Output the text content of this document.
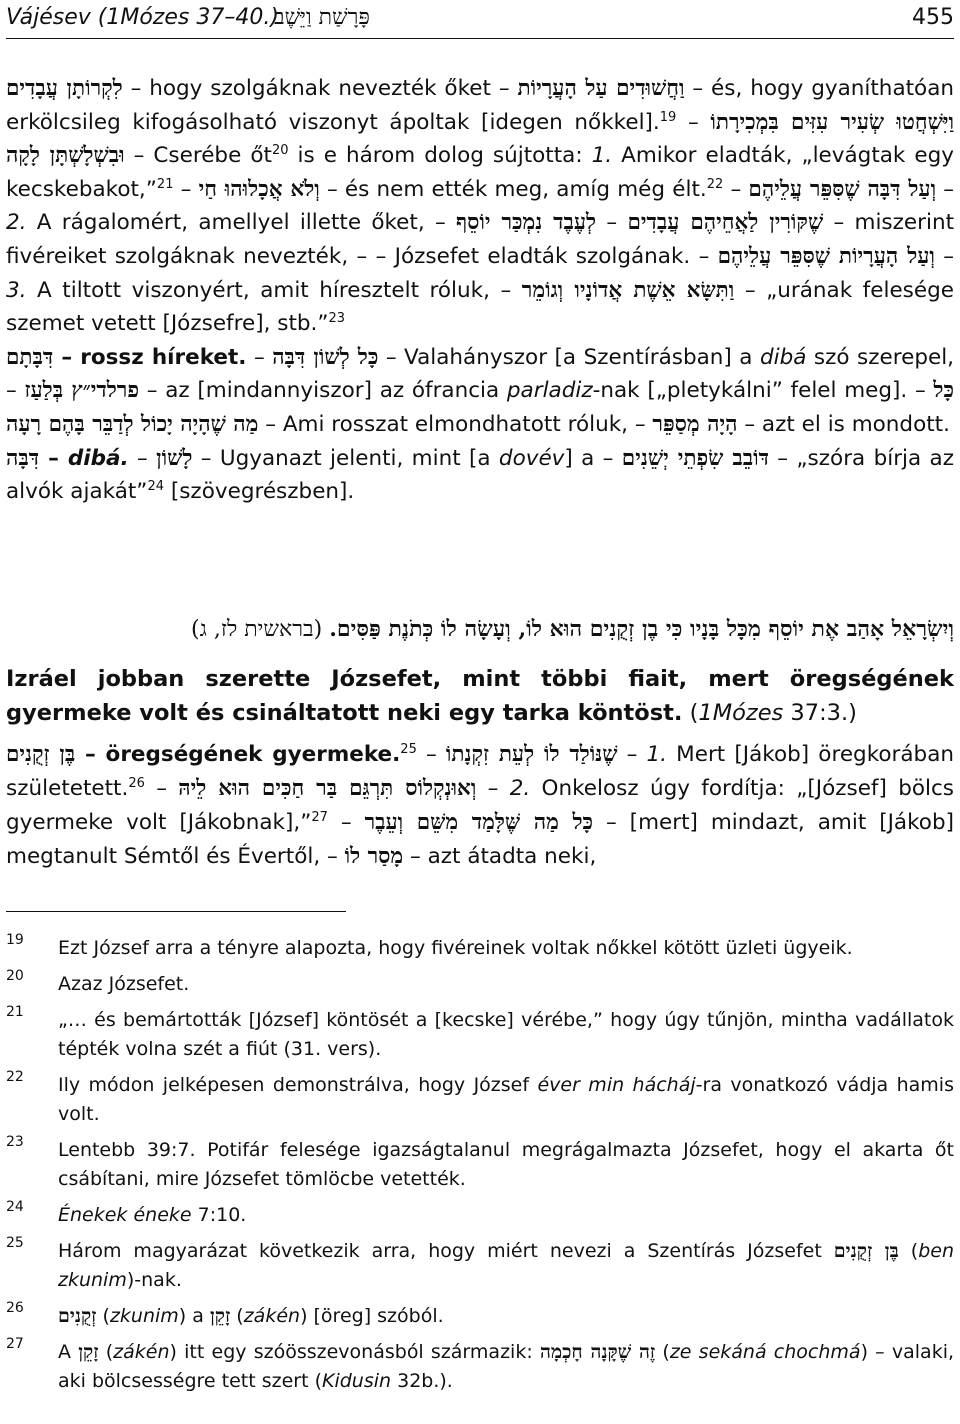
Vájésev (1Mózes 37–40.)
פָּרָשַׁת וַיֵּשֶׁב	455

לִקְרוֹתָן עֲבָדִים – hogy szolgáknak nevezték őket – וַחֲשׁוּדִים עַל הָעֲרָיוֹת – és, hogy gyaníthatóan erkölcsileg kifogásolható viszonyt ápoltak [idegen nőkkel].$^{19}$ – וַיִּשְׁחֲטוּ שְׂעִיר עִזִּים בִּמְכִירָתוֹ וּבִשְׁלָשְׁתָּן לָקָה – Cserébe $őt^{20}$ is e három dolog sújtotta: 1. Amikor eladták, „levágtak egy kecskebakot,”$^{21}$ – וְלֹא אֲכָלוּהוּ חַי – és nem ették meg, amíg még élt.$^{22}$ – וְעַל דִּבָּה שֶׁסִּפֵּר עֲלֵיהֶם – 2. A rágalomért, amellyel illette őket, – לְעֶבֶד נִמְכַּר יוֹסֵף – שֶׁקּוֹרִין לַאֲחֵיהֶם עֲבָדִים – miszerint fivéreiket szolgáknak nevezték, – – Józsefet eladták szolgának. – וְעַל הָעֲרָיוֹת שֶׁסִּפֵּר עֲלֵיהֶם – 3. A tiltott viszonyért, amit híresztelt róluk, – וַתִּשָּׂא אֵשֶׁת אֲדוֹנָיו וְגוֹמֵר – „urának felesége szemet vetett [Józsefre], stb.”$^{23}$

דִּבָּתָם – rossz híreket. – כָּל לְשׁוֹן דִּבָּה – Valahányszor [a Szentírásban] a dibá szó szerepel, – פרלדי״ץ בְּלַעַז – az [mindannyiszor] az ófrancia parladiz-nak [„pletykálni” felel meg]. – כָּל מַה שֶׁהָיָה יָכוֹל לְדַבֵּר בָּהֶם רָעָה – Ami rosszat elmondhatott róluk, – הָיָה מְסַפֵּר – azt el is mondott.

דִּבָּה – dibá. – לָשׁוֹן – Ugyanazt jelenti, mint [a dovév] a – דּוֹבֵב שִׂפְתֵי יְשֵׁנִים – „szóra bírja az alvók ajakát”$^{24}$ [szövegrészben].

וְיִשְׂרָאֵל אָהַב אֶת יוֹסֵף מִכָּל בָּנָיו כִּי בֶן זְקֻנִים הוּא לוֹ, וְעָשָׂה לוֹ כְּתֹנֶת פַּסִּים. (בראשית לז, ג)
Izráel jobban szerette Józsefet, mint többi fiait, mert öregségének gyermeke volt és csináltatott neki egy tarka köntöst. (1Mózes 37:3.)
בֶּן זְקֻנִים – öregségének gyermeke.$^{25}$ – שֶׁנּוֹלַד לוֹ לְעֵת זִקְנָתוֹ – 1. Mert [Jákob] öregkorában születetett.$^{26}$ – וְאוּנְקְלוֹס תִּרְגֵּם בַּר חַכִּים הוּא לֵיהּ – 2. Onkelosz úgy fordítja: „[József] bölcs gyermeke volt [Jákobnak],”$^{27}$ – כָּל מַה שֶּׁלָּמַד מִשֵּׁם וְעֵבֶר – [mert] mindazt, amit [Jákob] megtanult Sémtől és Évertől, – מָסַר לוֹ – azt átadta neki,
19 Ezt József arra a tényre alapozta, hogy fivéreinek voltak nőkkel kötött üzleti ügyeik.
20 Azaz Józsefet.
21 „… és bemártották [József] köntösét a [kecske] vérébe,” hogy úgy tűnjön, mintha vadállatok tépték volna szét a fiút (31. vers).
22 Ily módon jelképesen demonstrálva, hogy József éver min hácháj-ra vonatkozó vádja hamis volt.
23 Lentebb 39:7. Potifár felesége igazságtalanul megrágalmazta Józsefet, hogy el akarta őt csábítani, mire Józsefet tömlöcbe vetették.
24 Énekek éneke 7:10.
25 Három magyarázat következik arra, hogy miért nevezi a Szentírás Józsefet בֶּן זְקֻנִים (ben zkunim)-nak.
26 זְקֻנִים (zkunim) a זָקֵן (zákén) [öreg] szóból.
27 A זָקֵן (zákén) itt egy szóösszevonásból származik: זֶה שֶׁקָּנָה חָכְמָה (ze sekáná chochmá) – valaki, aki bölcsességre tett szert (Kidusin 32b.).
